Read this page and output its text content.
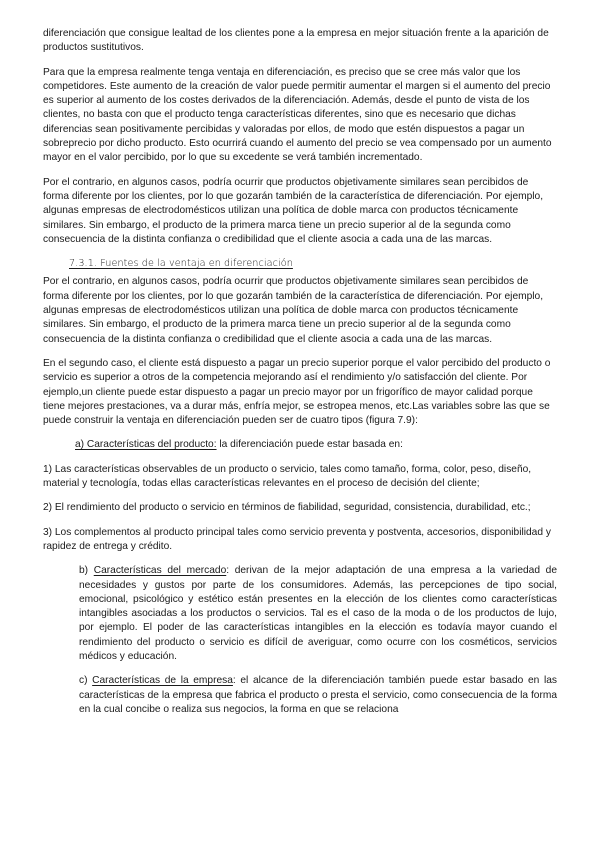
diferenciación que consigue lealtad de los clientes pone a la empresa en mejor situación frente a la aparición de productos sustitutivos.

Para que la empresa realmente tenga ventaja en diferenciación, es preciso que se cree más valor que los competidores. Este aumento de la creación de valor puede permitir aumentar el margen si el aumento del precio es superior al aumento de los costes derivados de la diferenciación. Además, desde el punto de vista de los clientes, no basta con que el producto tenga características diferentes, sino que es necesario que dichas diferencias sean positivamente percibidas y valoradas por ellos, de modo que estén dispuestos a pagar un sobreprecio por dicho producto. Esto ocurrirá cuando el aumento del precio se vea compensado por un aumento mayor en el valor percibido, por lo que su excedente se verá también incrementado.

Por el contrario, en algunos casos, podría ocurrir que productos objetivamente similares sean percibidos de forma diferente por los clientes, por lo que gozarán también de la característica de diferenciación. Por ejemplo, algunas empresas de electrodomésticos utilizan una política de doble marca con productos técnicamente similares. Sin embargo, el producto de la primera marca tiene un precio superior al de la segunda como consecuencia de la distinta confianza o credibilidad que el cliente asocia a cada una de las marcas.

7.3.1. Fuentes de la ventaja en diferenciación

Por el contrario, en algunos casos, podría ocurrir que productos objetivamente similares sean percibidos de forma diferente por los clientes, por lo que gozarán también de la característica de diferenciación. Por ejemplo, algunas empresas de electrodomésticos utilizan una política de doble marca con productos técnicamente similares. Sin embargo, el producto de la primera marca tiene un precio superior al de la segunda como consecuencia de la distinta confianza o credibilidad que el cliente asocia a cada una de las marcas.

En el segundo caso, el cliente está dispuesto a pagar un precio superior porque el valor percibido del producto o servicio es superior a otros de la competencia mejorando así el rendimiento y/o satisfacción del cliente. Por ejemplo,un cliente puede estar dispuesto a pagar un precio mayor por un frigorífico de mayor calidad porque tiene mejores prestaciones, va a durar más, enfría mejor, se estropea menos, etc.Las variables sobre las que se puede construir la ventaja en diferenciación pueden ser de cuatro tipos (figura 7.9):

a) Características del producto: la diferenciación puede estar basada en:

1) Las características observables de un producto o servicio, tales como tamaño, forma, color, peso, diseño, material y tecnología, todas ellas características relevantes en el proceso de decisión del cliente;

2) El rendimiento del producto o servicio en términos de fiabilidad, seguridad, consistencia, durabilidad, etc.;

3) Los complementos al producto principal tales como servicio preventa y postventa, accesorios, disponibilidad y rapidez de entrega y crédito.

b) Características del mercado: derivan de la mejor adaptación de una empresa a la variedad de necesidades y gustos por parte de los consumidores. Además, las percepciones de tipo social, emocional, psicológico y estético están presentes en la elección de los clientes como características intangibles asociadas a los productos o servicios. Tal es el caso de la moda o de los productos de lujo, por ejemplo. El poder de las características intangibles en la elección es todavía mayor cuando el rendimiento del producto o servicio es difícil de averiguar, como ocurre con los cosméticos, servicios médicos y educación.

c) Características de la empresa: el alcance de la diferenciación también puede estar basado en las características de la empresa que fabrica el producto o presta el servicio, como consecuencia de la forma en la cual concibe o realiza sus negocios, la forma en que se relaciona
